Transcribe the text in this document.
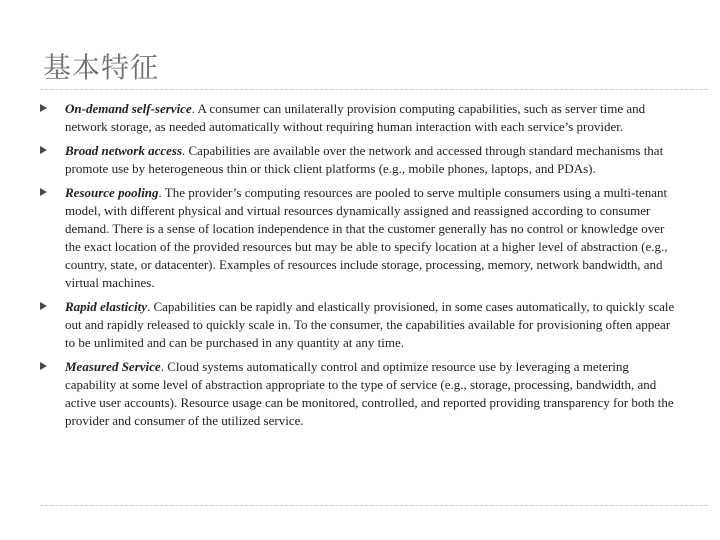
基本特征
On-demand self-service. A consumer can unilaterally provision computing capabilities, such as server time and network storage, as needed automatically without requiring human interaction with each service’s provider.
Broad network access. Capabilities are available over the network and accessed through standard mechanisms that promote use by heterogeneous thin or thick client platforms (e.g., mobile phones, laptops, and PDAs).
Resource pooling. The provider’s computing resources are pooled to serve multiple consumers using a multi-tenant model, with different physical and virtual resources dynamically assigned and reassigned according to consumer demand. There is a sense of location independence in that the customer generally has no control or knowledge over the exact location of the provided resources but may be able to specify location at a higher level of abstraction (e.g., country, state, or datacenter). Examples of resources include storage, processing, memory, network bandwidth, and virtual machines.
Rapid elasticity. Capabilities can be rapidly and elastically provisioned, in some cases automatically, to quickly scale out and rapidly released to quickly scale in. To the consumer, the capabilities available for provisioning often appear to be unlimited and can be purchased in any quantity at any time.
Measured Service. Cloud systems automatically control and optimize resource use by leveraging a metering capability at some level of abstraction appropriate to the type of service (e.g., storage, processing, bandwidth, and active user accounts). Resource usage can be monitored, controlled, and reported providing transparency for both the provider and consumer of the utilized service.
